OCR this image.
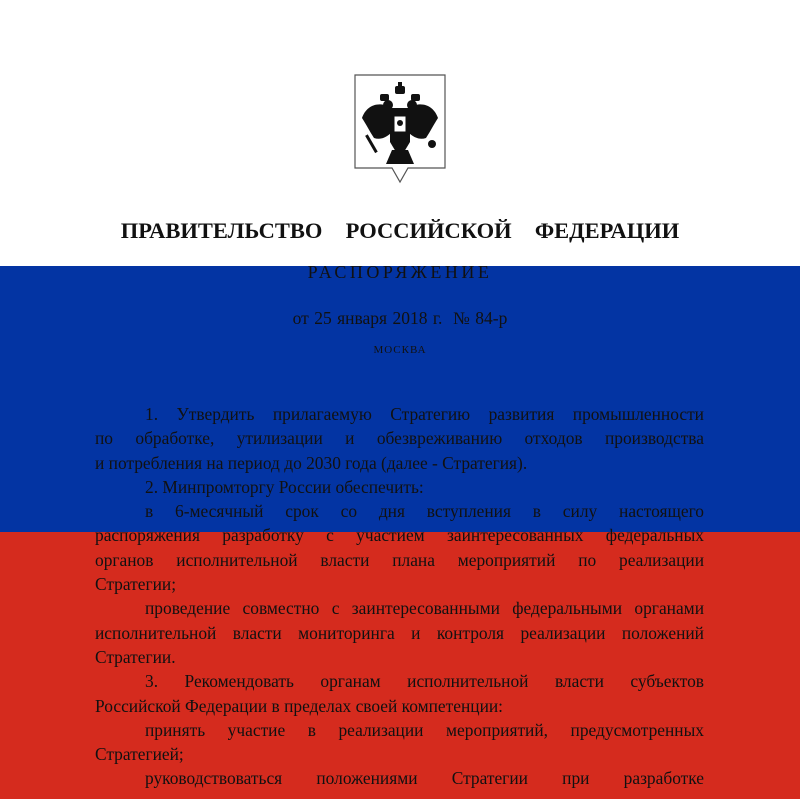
ПРАВИТЕЛЬСТВО  РОССИЙСКОЙ  ФЕДЕРАЦИИ
РАСПОРЯЖЕНИЕ
от 25 января 2018 г.  № 84-р
МОСКВА
1. Утвердить прилагаемую Стратегию развития промышленности
по обработке, утилизации и обезвреживанию отходов производства
и потребления на период до 2030 года (далее - Стратегия).
2. Минпромторгу России обеспечить:
в 6-месячный срок со дня вступления в силу настоящего
распоряжения разработку с участием заинтересованных федеральных
органов исполнительной власти плана мероприятий по реализации
Стратегии;
проведение совместно с заинтересованными федеральными органами
исполнительной власти мониторинга и контроля реализации положений
Стратегии.
3. Рекомендовать органам исполнительной власти субъектов
Российской Федерации в пределах своей компетенции:
принять участие в реализации мероприятий, предусмотренных
Стратегией;
руководствоваться положениями Стратегии при разработке
